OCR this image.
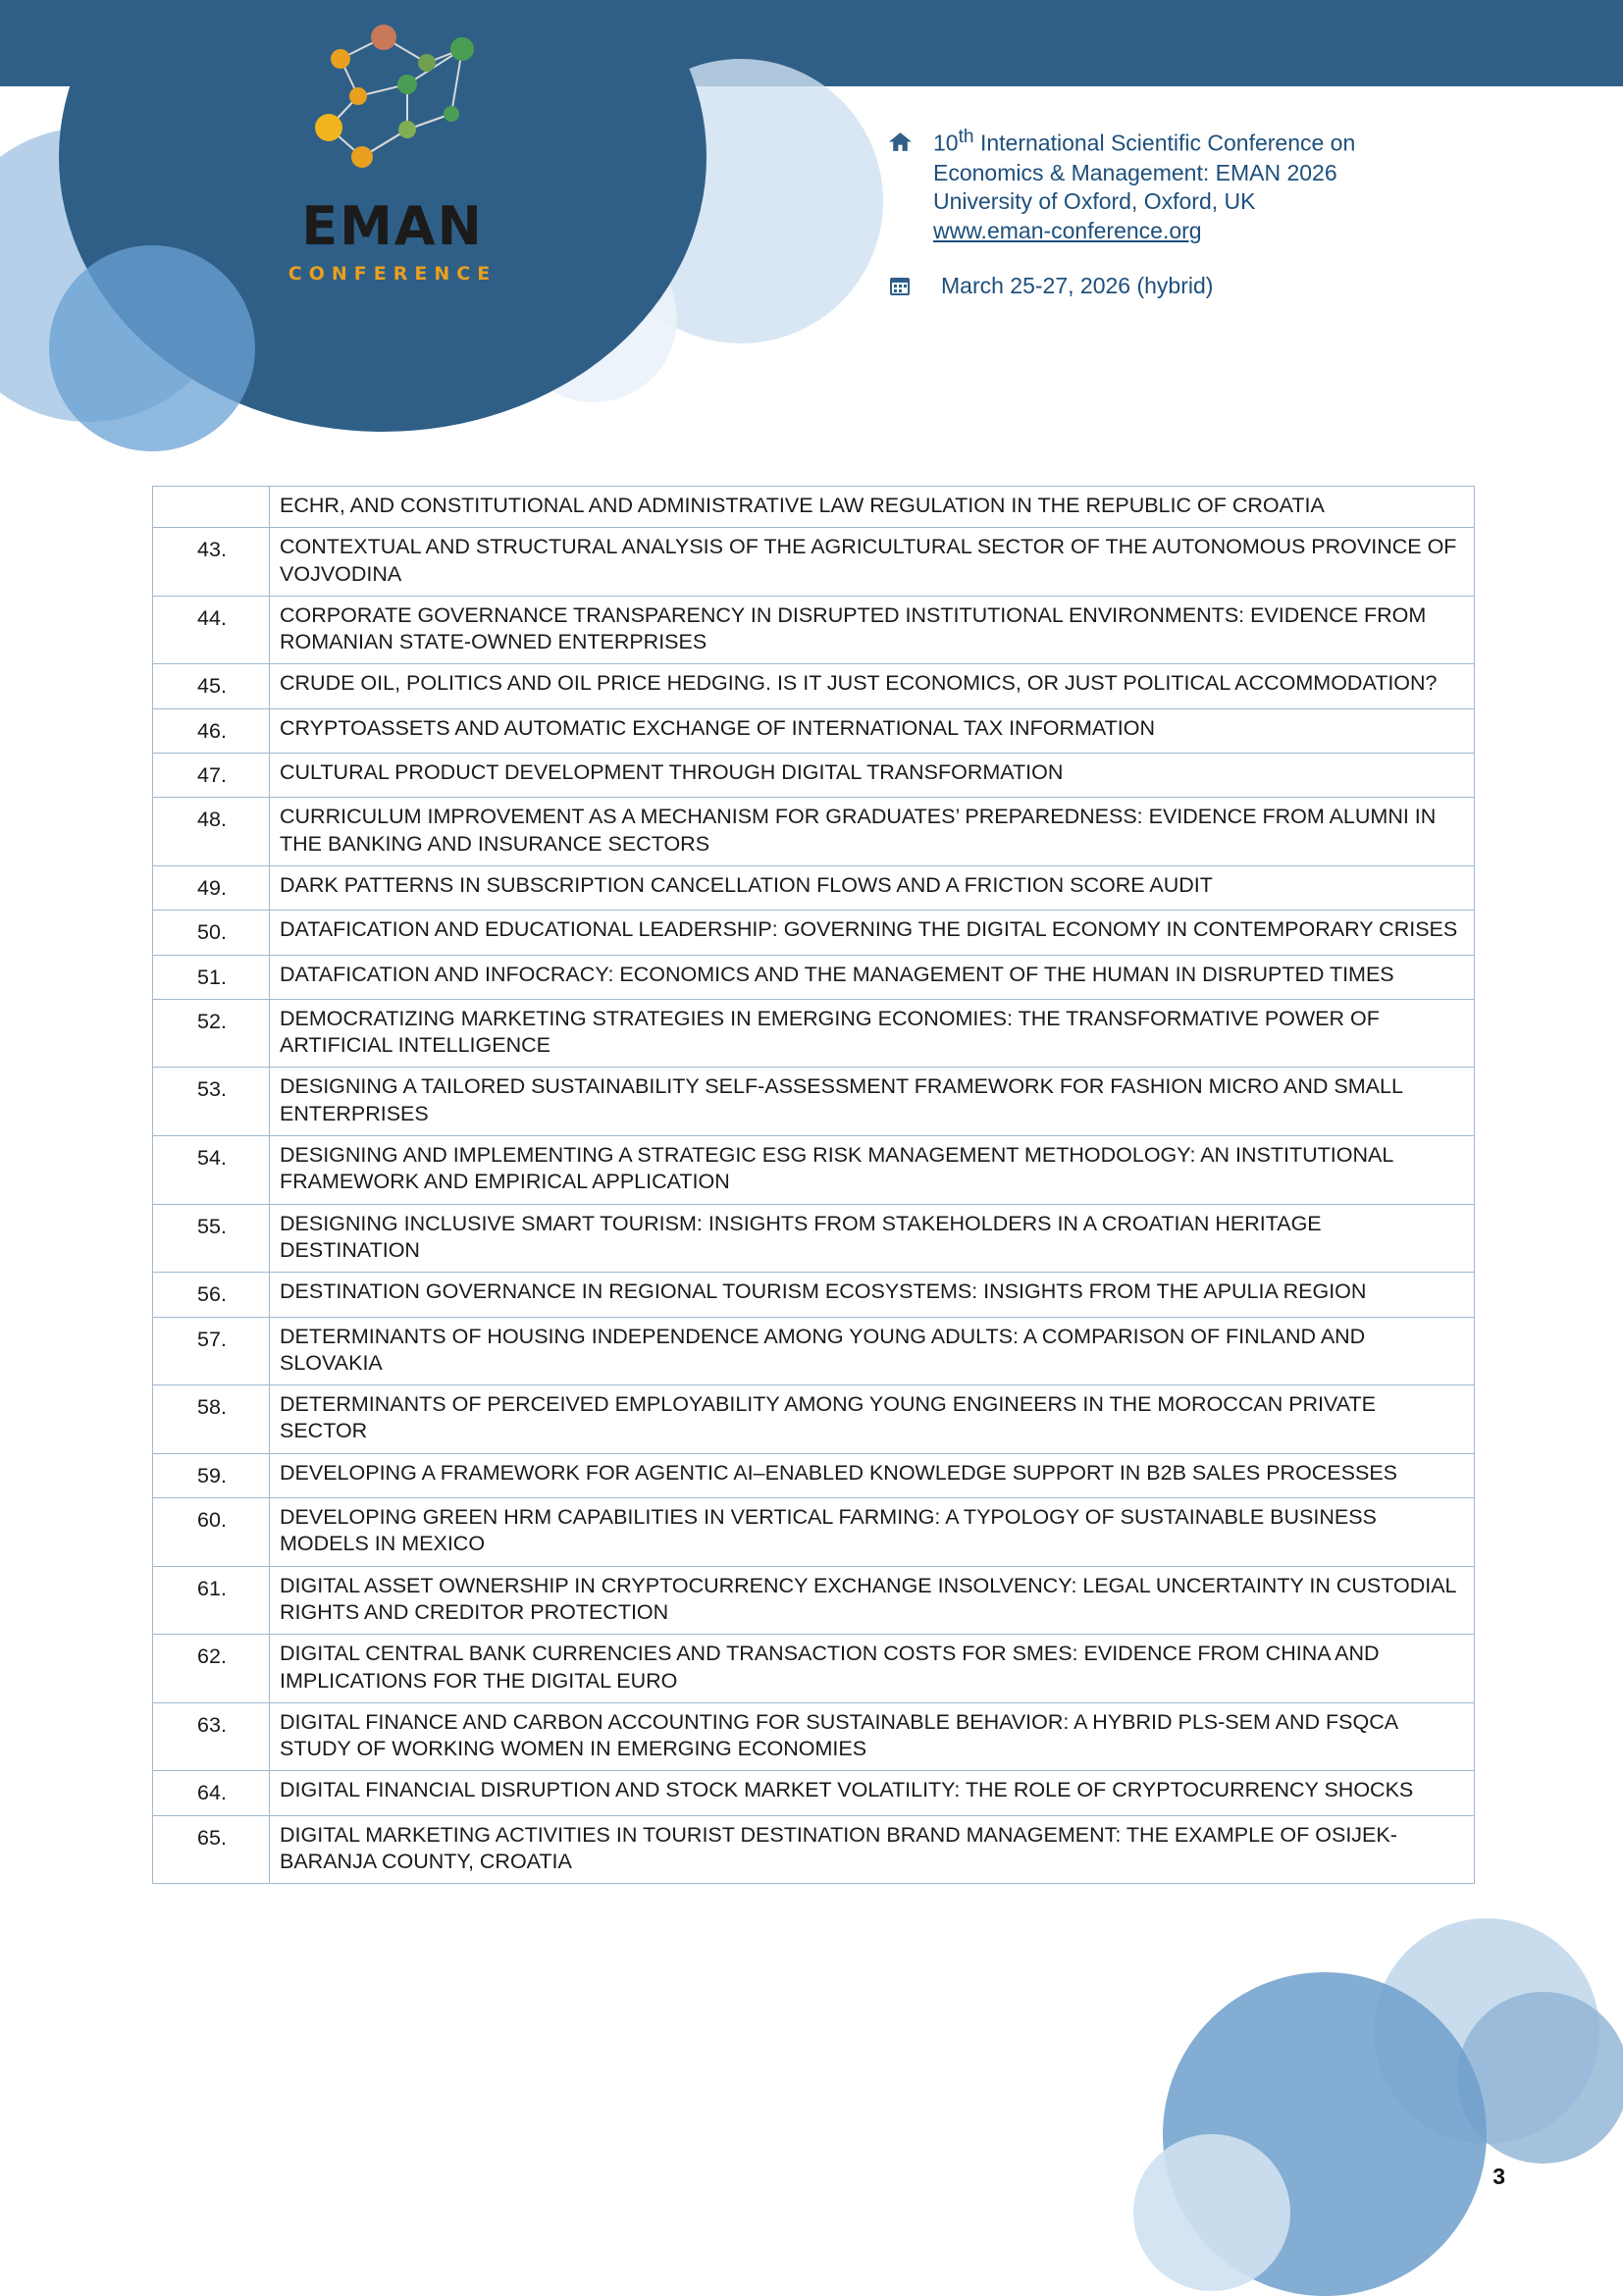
EMAN
CONFERENCE
10th International Scientific Conference on
Economics & Management: EMAN 2026
University of Oxford, Oxford, UK
www.eman-conference.org
March 25-27, 2026 (hybrid)
	ECHR, AND CONSTITUTIONAL AND ADMINISTRATIVE LAW REGULATION IN THE REPUBLIC OF CROATIA
43.	CONTEXTUAL AND STRUCTURAL ANALYSIS OF THE AGRICULTURAL SECTOR OF THE AUTONOMOUS PROVINCE OF VOJVODINA
44.	CORPORATE GOVERNANCE TRANSPARENCY IN DISRUPTED INSTITUTIONAL ENVIRONMENTS: EVIDENCE FROM ROMANIAN STATE-OWNED ENTERPRISES
45.	CRUDE OIL, POLITICS AND OIL PRICE HEDGING. IS IT JUST ECONOMICS, OR JUST POLITICAL ACCOMMODATION?
46.	CRYPTOASSETS AND AUTOMATIC EXCHANGE OF INTERNATIONAL TAX INFORMATION
47.	CULTURAL PRODUCT DEVELOPMENT THROUGH DIGITAL TRANSFORMATION
48.	CURRICULUM IMPROVEMENT AS A MECHANISM FOR GRADUATES’ PREPAREDNESS: EVIDENCE FROM ALUMNI IN THE BANKING AND INSURANCE SECTORS
49.	DARK PATTERNS IN SUBSCRIPTION CANCELLATION FLOWS AND A FRICTION SCORE AUDIT
50.	DATAFICATION AND EDUCATIONAL LEADERSHIP: GOVERNING THE DIGITAL ECONOMY IN CONTEMPORARY CRISES
51.	DATAFICATION AND INFOCRACY: ECONOMICS AND THE MANAGEMENT OF THE HUMAN IN DISRUPTED TIMES
52.	DEMOCRATIZING MARKETING STRATEGIES IN EMERGING ECONOMIES: THE TRANSFORMATIVE POWER OF ARTIFICIAL INTELLIGENCE
53.	DESIGNING A TAILORED SUSTAINABILITY SELF-ASSESSMENT FRAMEWORK FOR FASHION MICRO AND SMALL ENTERPRISES
54.	DESIGNING AND IMPLEMENTING A STRATEGIC ESG RISK MANAGEMENT METHODOLOGY: AN INSTITUTIONAL FRAMEWORK AND EMPIRICAL APPLICATION
55.	DESIGNING INCLUSIVE SMART TOURISM: INSIGHTS FROM STAKEHOLDERS IN A CROATIAN HERITAGE DESTINATION
56.	DESTINATION GOVERNANCE IN REGIONAL TOURISM ECOSYSTEMS: INSIGHTS FROM THE APULIA REGION
57.	DETERMINANTS OF HOUSING INDEPENDENCE AMONG YOUNG ADULTS: A COMPARISON OF FINLAND AND SLOVAKIA
58.	DETERMINANTS OF PERCEIVED EMPLOYABILITY AMONG YOUNG ENGINEERS IN THE MOROCCAN PRIVATE SECTOR
59.	DEVELOPING A FRAMEWORK FOR AGENTIC AI–ENABLED KNOWLEDGE SUPPORT IN B2B SALES PROCESSES
60.	DEVELOPING GREEN HRM CAPABILITIES IN VERTICAL FARMING: A TYPOLOGY OF SUSTAINABLE BUSINESS MODELS IN MEXICO
61.	DIGITAL ASSET OWNERSHIP IN CRYPTOCURRENCY EXCHANGE INSOLVENCY: LEGAL UNCERTAINTY IN CUSTODIAL RIGHTS AND CREDITOR PROTECTION
62.	DIGITAL CENTRAL BANK CURRENCIES AND TRANSACTION COSTS FOR SMES: EVIDENCE FROM CHINA AND IMPLICATIONS FOR THE DIGITAL EURO
63.	DIGITAL FINANCE AND CARBON ACCOUNTING FOR SUSTAINABLE BEHAVIOR: A HYBRID PLS-SEM AND FSQCA STUDY OF WORKING WOMEN IN EMERGING ECONOMIES
64.	DIGITAL FINANCIAL DISRUPTION AND STOCK MARKET VOLATILITY: THE ROLE OF CRYPTOCURRENCY SHOCKS
65.	DIGITAL MARKETING ACTIVITIES IN TOURIST DESTINATION BRAND MANAGEMENT: THE EXAMPLE OF OSIJEK-BARANJA COUNTY, CROATIA
3
